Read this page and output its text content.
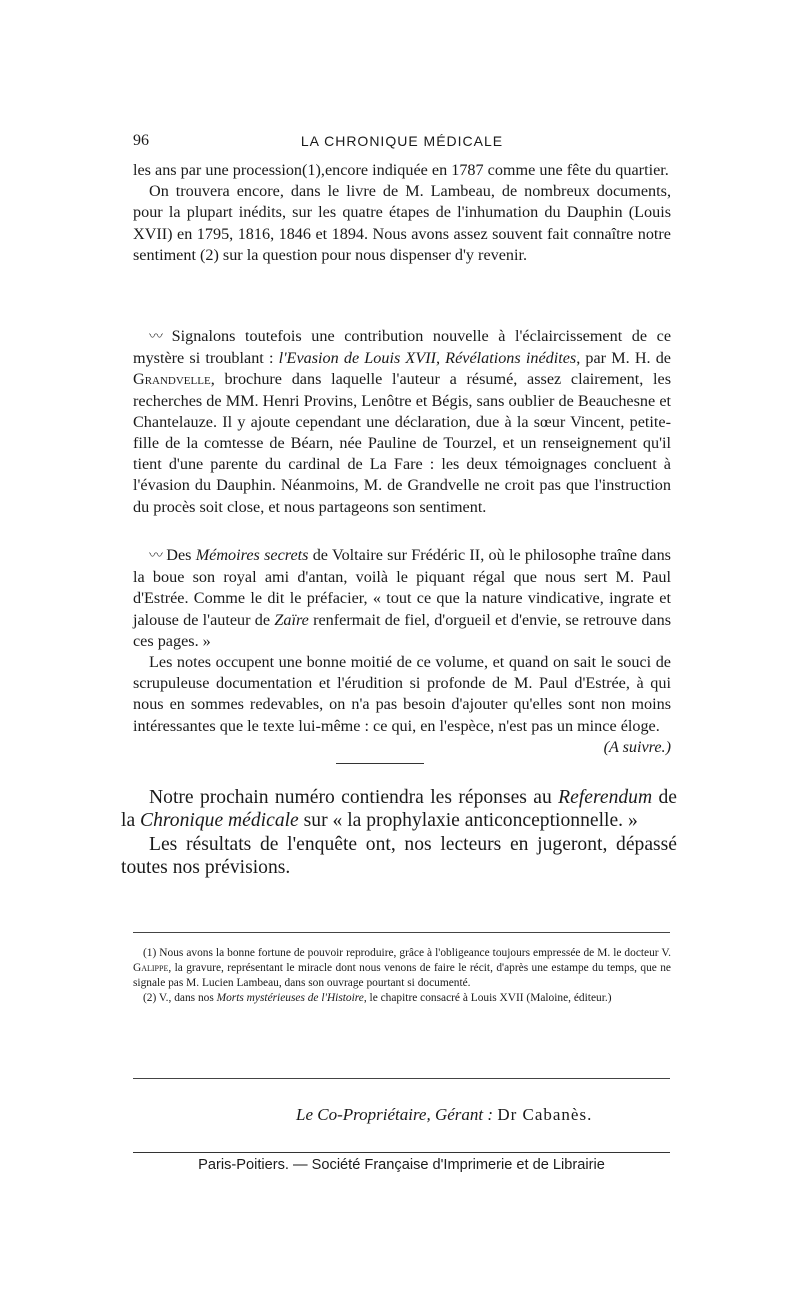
96	LA CHRONIQUE MÉDICALE

les ans par une procession(1),encore indiquée en 1787 comme une fête du quartier.

On trouvera encore, dans le livre de M. Lambeau, de nombreux documents, pour la plupart inédits, sur les quatre étapes de l'inhumation du Dauphin (Louis XVII) en 1795, 1816, 1846 et 1894. Nous avons assez souvent fait connaître notre sentiment (2) sur la question pour nous dispenser d'y revenir.

〰 Signalons toutefois une contribution nouvelle à l'éclaircissement de ce mystère si troublant : l'Evasion de Louis XVII, Révélations inédites, par M. H. de Grandvelle, brochure dans laquelle l'auteur a résumé, assez clairement, les recherches de MM. Henri Provins, Lenôtre et Bégis, sans oublier de Beauchesne et Chantelauze. Il y ajoute cependant une déclaration, due à la sœur Vincent, petite-fille de la comtesse de Béarn, née Pauline de Tourzel, et un renseignement qu'il tient d'une parente du cardinal de La Fare : les deux témoignages concluent à l'évasion du Dauphin. Néanmoins, M. de Grandvelle ne croit pas que l'instruction du procès soit close, et nous partageons son sentiment.

〰 Des Mémoires secrets de Voltaire sur Frédéric II, où le philosophe traîne dans la boue son royal ami d'antan, voilà le piquant régal que nous sert M. Paul d'Estrée. Comme le dit le préfacier, « tout ce que la nature vindicative, ingrate et jalouse de l'auteur de Zaïre renfermait de fiel, d'orgueil et d'envie, se retrouve dans ces pages. »

Les notes occupent une bonne moitié de ce volume, et quand on sait le souci de scrupuleuse documentation et l'érudition si profonde de M. Paul d'Estrée, à qui nous en sommes redevables, on n'a pas besoin d'ajouter qu'elles sont non moins intéressantes que le texte lui-même : ce qui, en l'espèce, n'est pas un mince éloge.
(A suivre.)

Notre prochain numéro contiendra les réponses au Referendum de la Chronique médicale sur « la prophylaxie anticonceptionnelle. »

Les résultats de l'enquête ont, nos lecteurs en jugeront, dépassé toutes nos prévisions.

(1) Nous avons la bonne fortune de pouvoir reproduire, grâce à l'obligeance toujours empressée de M. le docteur V. Galippe, la gravure, représentant le miracle dont nous venons de faire le récit, d'après une estampe du temps, que ne signale pas M. Lucien Lambeau, dans son ouvrage pourtant si documenté.

(2) V., dans nos Morts mystérieuses de l'Histoire, le chapitre consacré à Louis XVII (Maloine, éditeur.)

Le Co-Propriétaire, Gérant : Dr Cabanès.
Paris-Poitiers. — Société Française d'Imprimerie et de Librairie
